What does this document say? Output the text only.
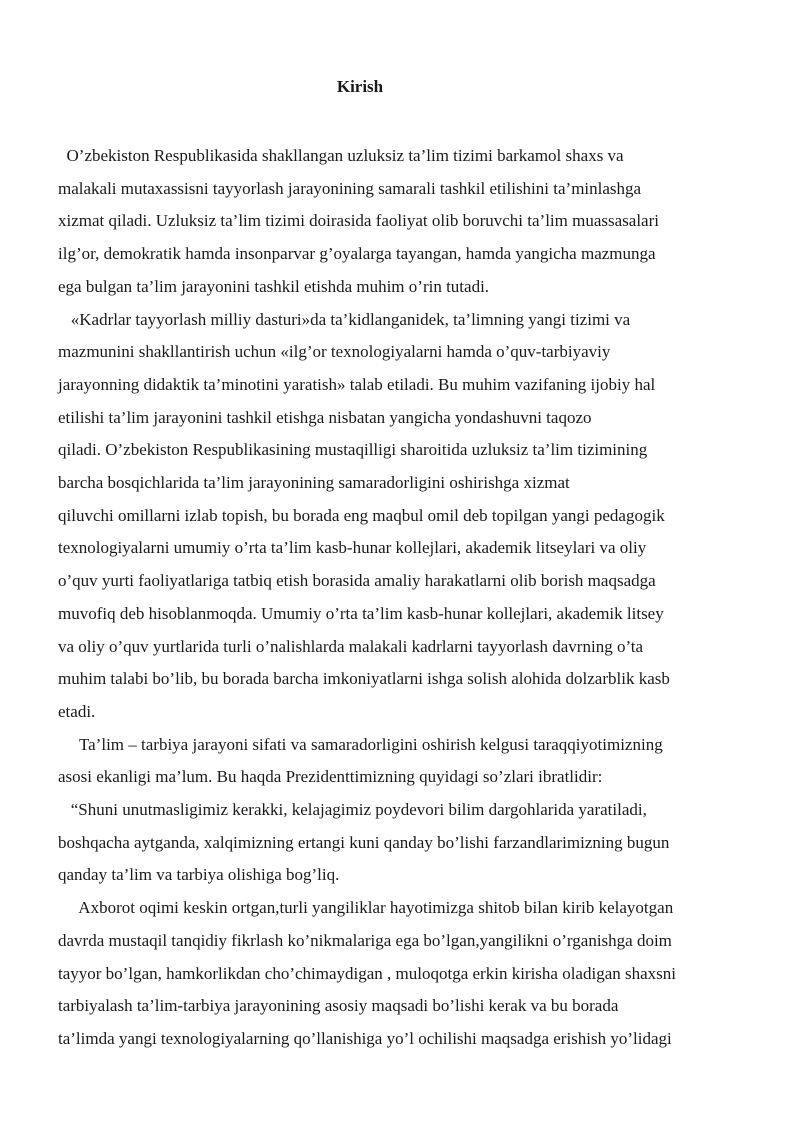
Kirish
O’zbekiston Respublikasida shakllangan uzluksiz ta’lim tizimi barkamol shaxs va
malakali mutaxassisni tayyorlash jarayonining samarali tashkil etilishini ta’minlashga
xizmat qiladi. Uzluksiz ta’lim tizimi doirasida faoliyat olib boruvchi ta’lim muassasalari
ilg’or, demokratik hamda insonparvar g’oyalarga tayangan, hamda yangicha mazmunga
ega bulgan ta’lim jarayonini tashkil etishda muhim o’rin tutadi.
«Kadrlar tayyorlash milliy dasturi»da ta’kidlanganidek, ta’limning yangi tizimi va
mazmunini shakllantirish uchun «ilg’or texnologiyalarni hamda o’quv-tarbiyaviy
jarayonning didaktik ta’minotini yaratish» talab etiladi. Bu muhim vazifaning ijobiy hal
etilishi ta’lim jarayonini tashkil etishga nisbatan yangicha yondashuvni taqozo
qiladi. O’zbekiston Respublikasining mustaqilligi sharoitida uzluksiz ta’lim tizimining
barcha bosqichlarida ta’lim jarayonining samaradorligini oshirishga xizmat
qiluvchi omillarni izlab topish, bu borada eng maqbul omil deb topilgan yangi pedagogik
texnologiyalarni umumiy o’rta ta’lim kasb-hunar kollejlari, akademik litseylari va oliy
o’quv yurti faoliyatlariga tatbiq etish borasida amaliy harakatlarni olib borish maqsadga
muvofiq deb hisoblanmoqda. Umumiy o’rta ta’lim kasb-hunar kollejlari, akademik litsey
va oliy o’quv yurtlarida turli o’nalishlarda malakali kadrlarni tayyorlash davrning o’ta
muhim talabi bo’lib, bu borada barcha imkoniyatlarni ishga solish alohida dolzarblik kasb
etadi.
Ta’lim – tarbiya jarayoni sifati va samaradorligini oshirish kelgusi taraqqiyotimizning
asosi ekanligi ma’lum. Bu haqda Prezidenttimizning quyidagi so’zlari ibratlidir:
“Shuni unutmasligimiz kerakki, kelajagimiz poydevori bilim dargohlarida yaratiladi,
boshqacha aytganda, xalqimizning ertangi kuni qanday bo’lishi farzandlarimizning bugun
qanday ta’lim va tarbiya olishiga bog’liq.
Axborot oqimi keskin ortgan,turli yangiliklar hayotimizga shitob bilan kirib kelayotgan
davrda mustaqil tanqidiy fikrlash ko’nikmalariga ega bo’lgan,yangilikni o’rganishga doim
tayyor bo’lgan, hamkorlikdan cho’chimaydigan , muloqotga erkin kirisha oladigan shaxsni
tarbiyalash ta’lim-tarbiya jarayonining asosiy maqsadi bo’lishi kerak va bu borada
ta’limda yangi texnologiyalarning qo’llanishiga yo’l ochilishi maqsadga erishish yo’lidagi
